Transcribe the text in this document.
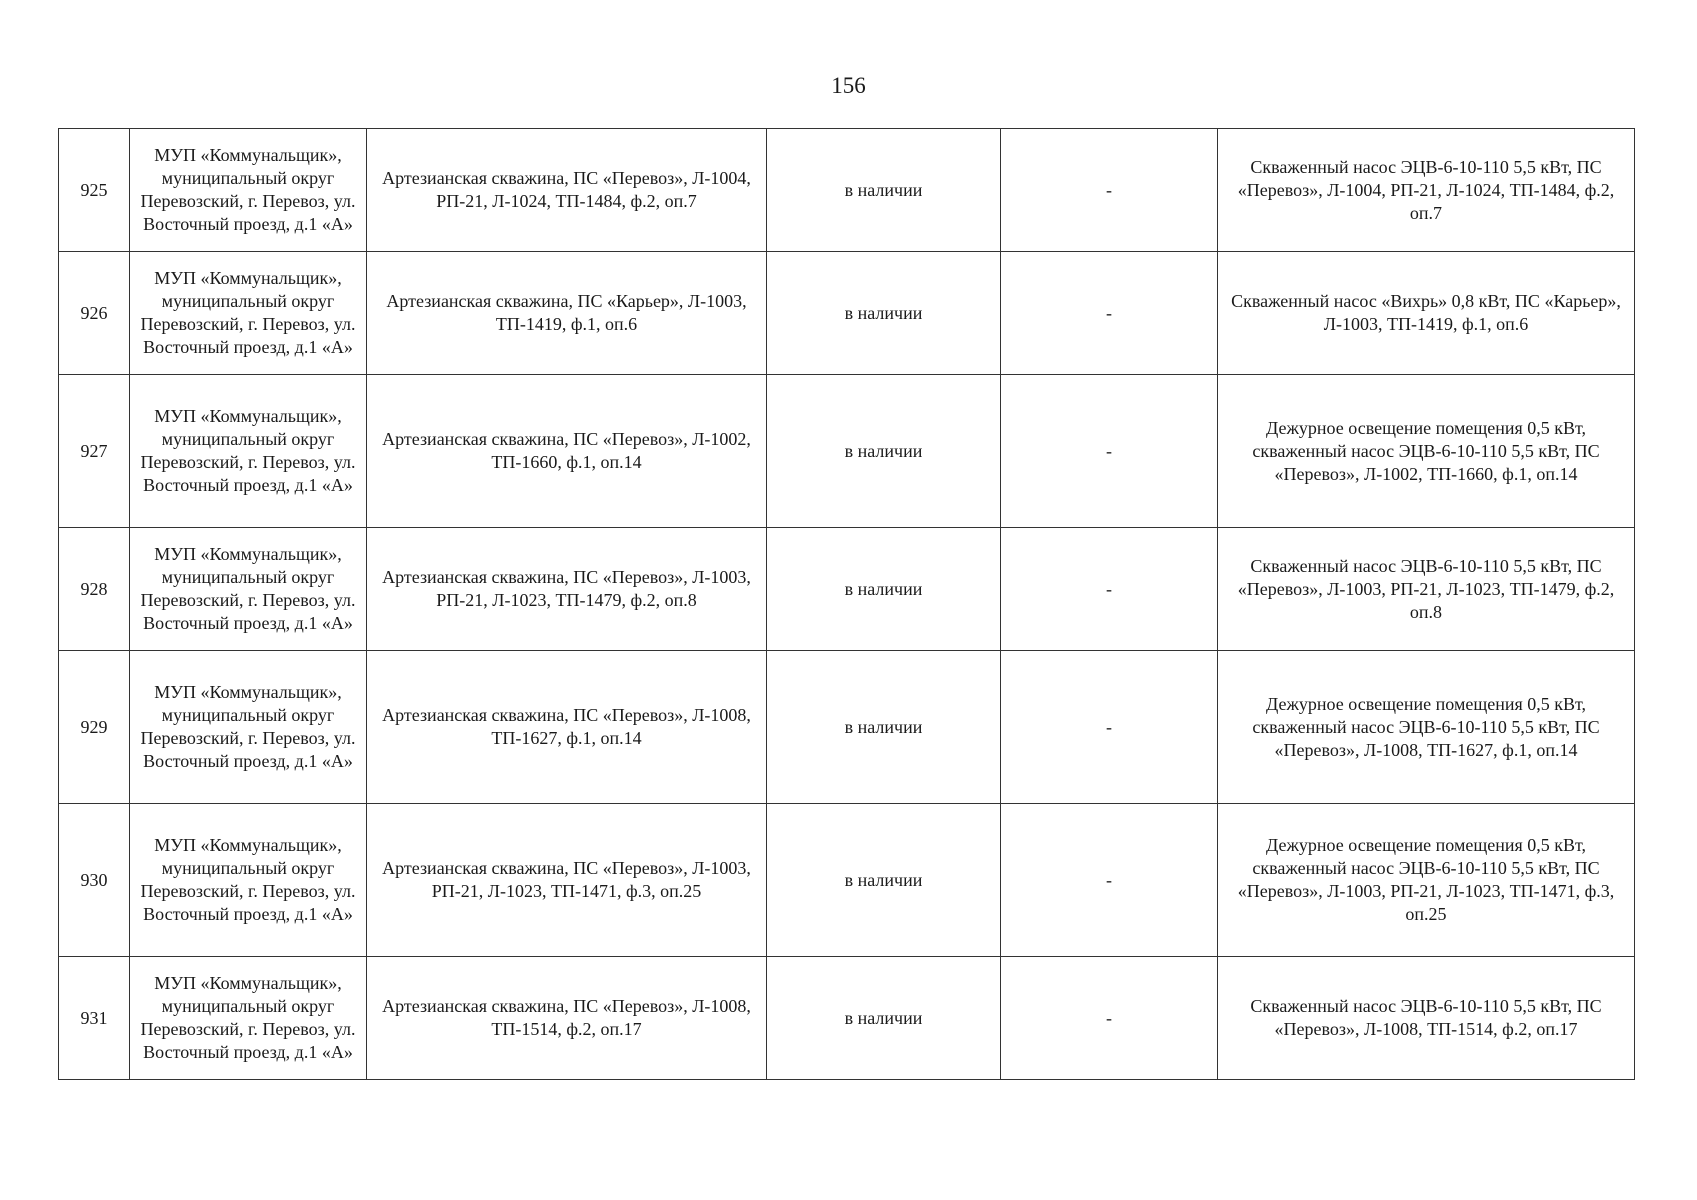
156
925	МУП «Коммунальщик», муниципальный округ Перевозский, г. Перевоз, ул. Восточный проезд, д.1 «А»	Артезианская скважина, ПС «Перевоз», Л-1004, РП-21, Л-1024, ТП-1484, ф.2, оп.7	в наличии	-	Скваженный насос ЭЦВ-6-10-110 5,5 кВт, ПС «Перевоз», Л-1004, РП-21, Л-1024, ТП-1484, ф.2, оп.7
926	МУП «Коммунальщик», муниципальный округ Перевозский, г. Перевоз, ул. Восточный проезд, д.1 «А»	Артезианская скважина, ПС «Карьер», Л-1003, ТП-1419, ф.1, оп.6	в наличии	-	Скваженный насос «Вихрь» 0,8 кВт, ПС «Карьер», Л-1003, ТП-1419, ф.1, оп.6
927	МУП «Коммунальщик», муниципальный округ Перевозский, г. Перевоз, ул. Восточный проезд, д.1 «А»	Артезианская скважина, ПС «Перевоз», Л-1002, ТП-1660, ф.1, оп.14	в наличии	-	Дежурное освещение помещения 0,5 кВт, скваженный насос ЭЦВ-6-10-110 5,5 кВт, ПС «Перевоз», Л-1002, ТП-1660, ф.1, оп.14
928	МУП «Коммунальщик», муниципальный округ Перевозский, г. Перевоз, ул. Восточный проезд, д.1 «А»	Артезианская скважина, ПС «Перевоз», Л-1003, РП-21, Л-1023, ТП-1479, ф.2, оп.8	в наличии	-	Скваженный насос ЭЦВ-6-10-110 5,5 кВт, ПС «Перевоз», Л-1003, РП-21, Л-1023, ТП-1479, ф.2, оп.8
929	МУП «Коммунальщик», муниципальный округ Перевозский, г. Перевоз, ул. Восточный проезд, д.1 «А»	Артезианская скважина, ПС «Перевоз», Л-1008, ТП-1627, ф.1, оп.14	в наличии	-	Дежурное освещение помещения 0,5 кВт, скваженный насос ЭЦВ-6-10-110 5,5 кВт, ПС «Перевоз», Л-1008, ТП-1627, ф.1, оп.14
930	МУП «Коммунальщик», муниципальный округ Перевозский, г. Перевоз, ул. Восточный проезд, д.1 «А»	Артезианская скважина, ПС «Перевоз», Л-1003, РП-21, Л-1023, ТП-1471, ф.3, оп.25	в наличии	-	Дежурное освещение помещения 0,5 кВт, скваженный насос ЭЦВ-6-10-110 5,5 кВт, ПС «Перевоз», Л-1003, РП-21, Л-1023, ТП-1471, ф.3, оп.25
931	МУП «Коммунальщик», муниципальный округ Перевозский, г. Перевоз, ул. Восточный проезд, д.1 «А»	Артезианская скважина, ПС «Перевоз», Л-1008, ТП-1514, ф.2, оп.17	в наличии	-	Скваженный насос ЭЦВ-6-10-110 5,5 кВт, ПС «Перевоз», Л-1008, ТП-1514, ф.2, оп.17
